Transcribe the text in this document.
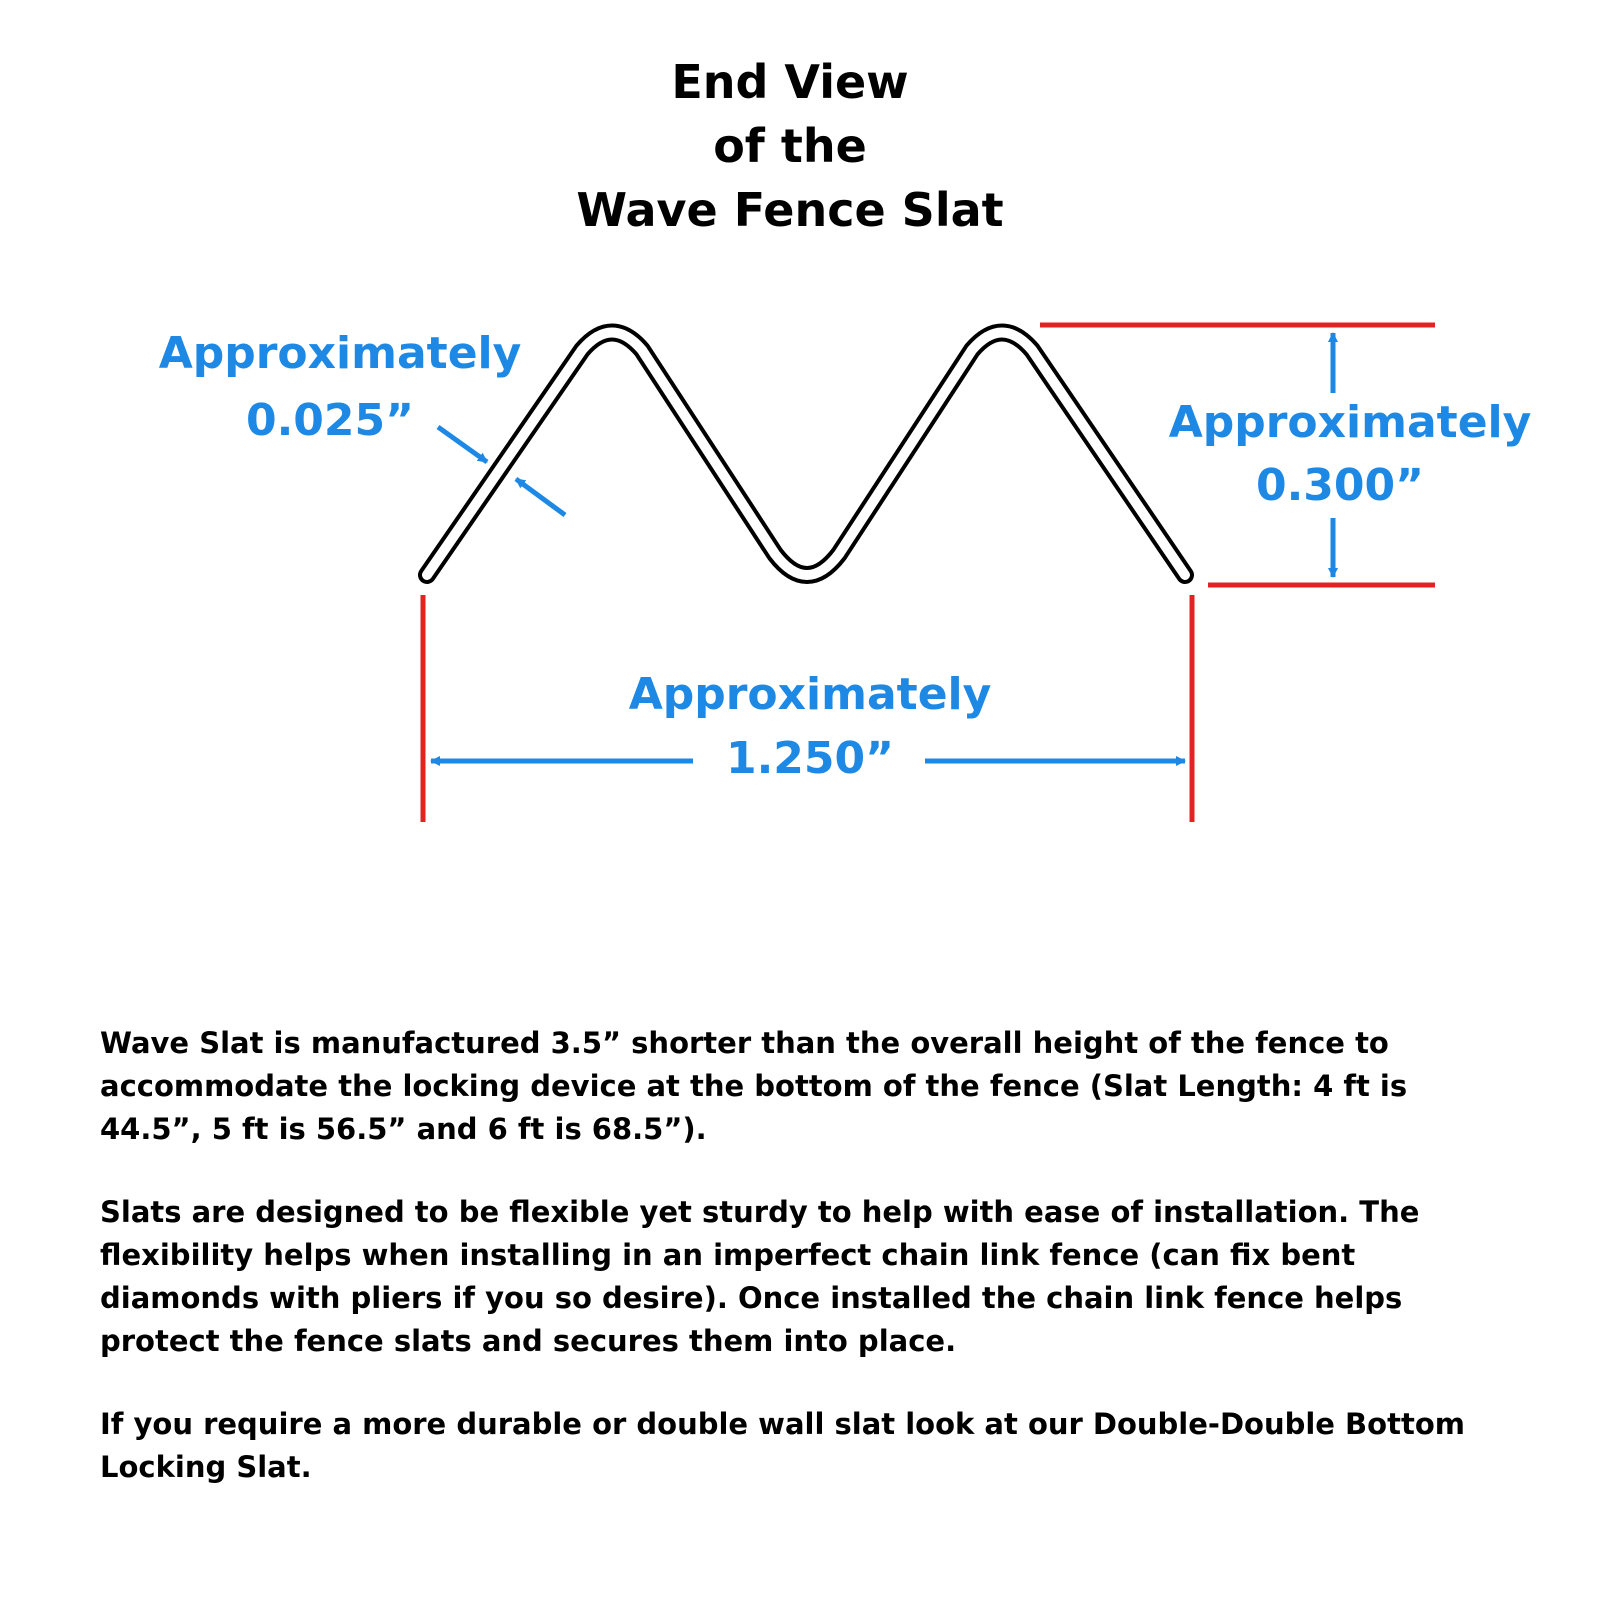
End View
of the
Wave Fence Slat
Approximately
0.025”	Approximately
0.300”
Approximately
1.250”

Wave Slat is manufactured 3.5” shorter than the overall height of the fence to accommodate the locking device at the bottom of the fence (Slat Length: 4 ft is 44.5”, 5 ft is 56.5” and 6 ft is 68.5”).

Slats are designed to be flexible yet sturdy to help with ease of installation. The flexibility helps when installing in an imperfect chain link fence (can fix bent diamonds with pliers if you so desire). Once installed the chain link fence helps protect the fence slats and secures them into place.

If you require a more durable or double wall slat look at our Double-Double Bottom Locking Slat.
